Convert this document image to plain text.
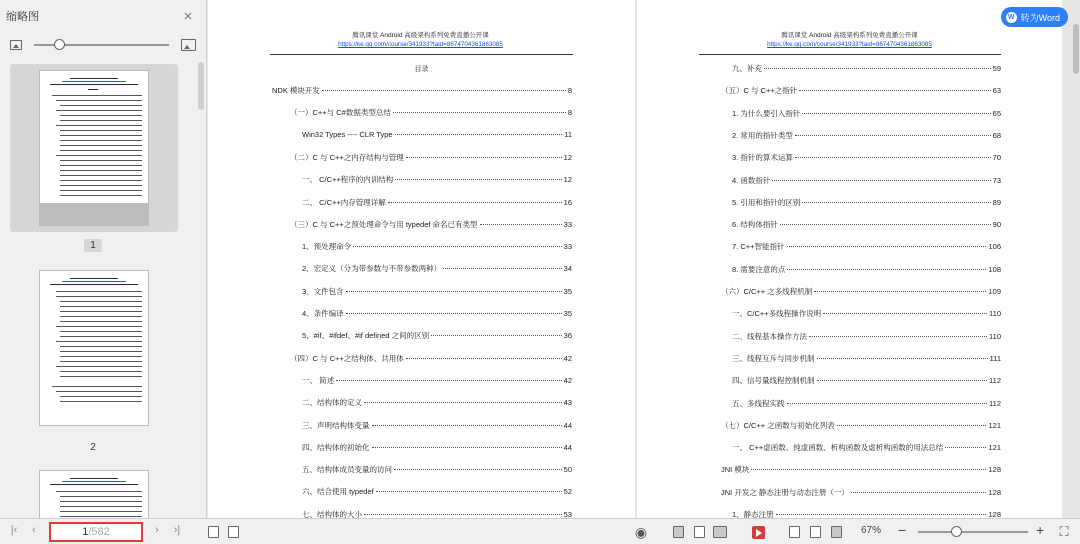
缩略图	×
1
2
腾讯课堂 Android 高级架构系列免费直播公开课
https://ke.qq.com/course/341933?taid=8674704361863085
目录
NDK 模块开发	8
（一）C++与 C#数据类型总结	8
Win32 Types ---- CLR Type	11
（二）C 与 C++之内存结构与管理	12
一、 C/C++程序的内训结构	12
二、 C/C++内存管理详解	16
（三）C 与 C++之预处理命令与用 typedef 命名已有类型	33
1、预处理命令	33
2、宏定义（分为带参数与不带参数两种）	34
3、文件包含	35
4、条件编译	35
5、#if、#ifdef、#if defined 之间的区别	36
（四）C 与 C++之结构体、共用体	42
一、 简述	42
二、结构体的定义	43
三、声明结构体变量	44
四、结构体的初始化	44
五、结构体成员变量的访问	50
六、结合使用 typedef	52
七、结构体的大小	53
腾讯课堂 Android 高级架构系列免费直播公开课
https://ke.qq.com/course/341933?taid=8674704361863085
九、补充	59
（五）C 与 C++之指针	63
1. 为什么要引入指针	65
2. 常用的指针类型	68
3. 指针的算术运算	70
4. 函数指针	73
5. 引用和指针的区别	89
6. 结构体指针	90
7. C++智能指针	106
8. 需要注意的点	108
（六）C/C++ 之多线程机制	109
一、C/C++多线程操作说明	110
二、线程基本操作方法	110
三、线程互斥与同步机制	111
四、信号量线程控制机制	112
五、多线程实践	112
（七）C/C++ 之函数与初始化列表	121
一、 C++虚函数、纯虚函数、析构函数及虚析构函数的用法总结	121
JNI 模块	128
JNI 开发之 静态注册与动态注册（一）	128
1、静态注册	128
W 转为Word
|‹	‹	1 /582	›	›|	◉	67% −	+ ⛶
